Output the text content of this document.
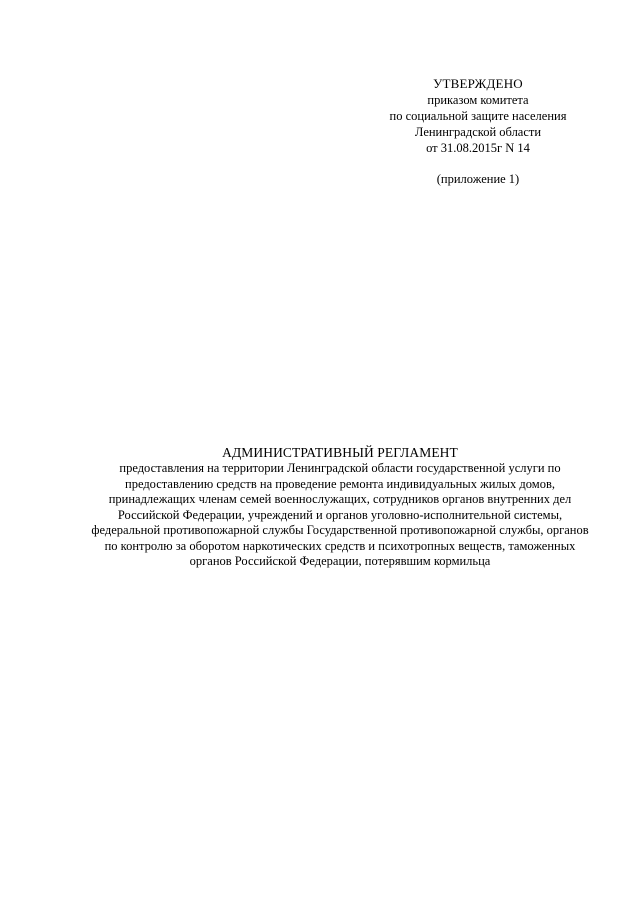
УТВЕРЖДЕНО
приказом комитета
по социальной защите населения
Ленинградской области
от 31.08.2015г N 14
(приложение 1)
АДМИНИСТРАТИВНЫЙ РЕГЛАМЕНТ
предоставления на территории Ленинградской области государственной услуги по
предоставлению средств на проведение ремонта индивидуальных жилых домов,
принадлежащих членам семей военнослужащих, сотрудников органов внутренних дел
Российской Федерации, учреждений и органов уголовно-исполнительной системы,
федеральной противопожарной службы Государственной противопожарной службы, органов
по контролю за оборотом наркотических средств и психотропных веществ, таможенных
органов Российской Федерации, потерявшим кормильца
